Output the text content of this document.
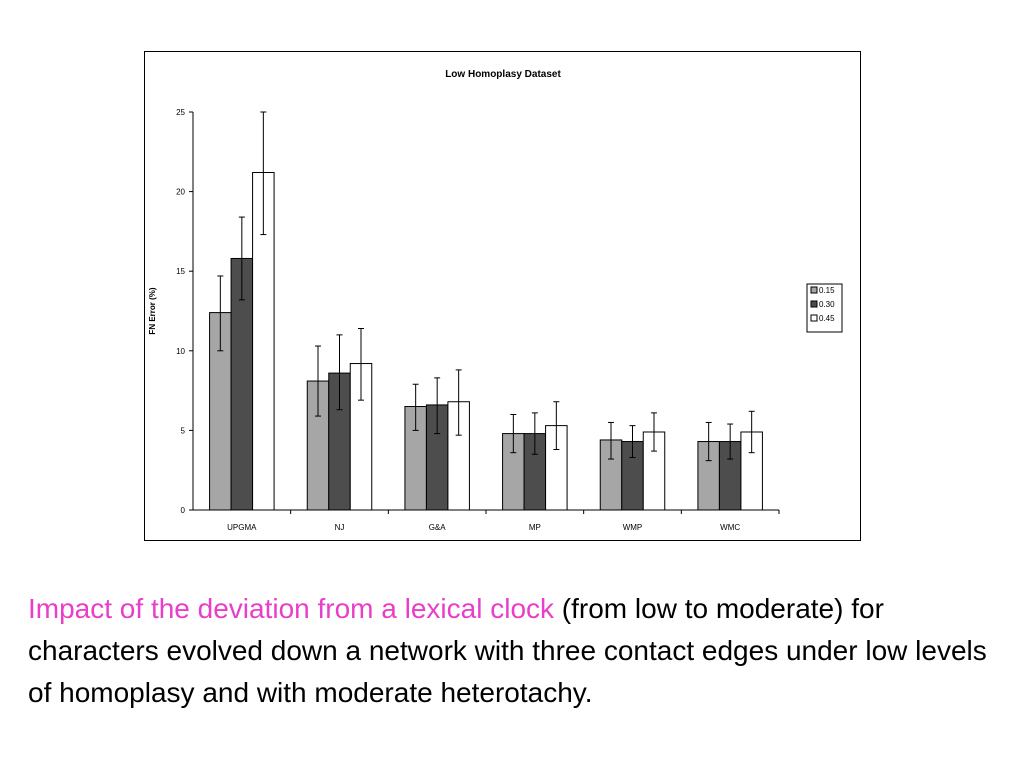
Low Homoplasy Dataset
0
5
10
15
20
25
FN Error (%)
UPGMA	NJ	G&A	MP	WMP	WMC
0.15
0.30
0.45
Impact of the deviation from a lexical clock (from low to moderate) for characters evolved down a network with three contact edges under low levels of homoplasy and with moderate heterotachy.
